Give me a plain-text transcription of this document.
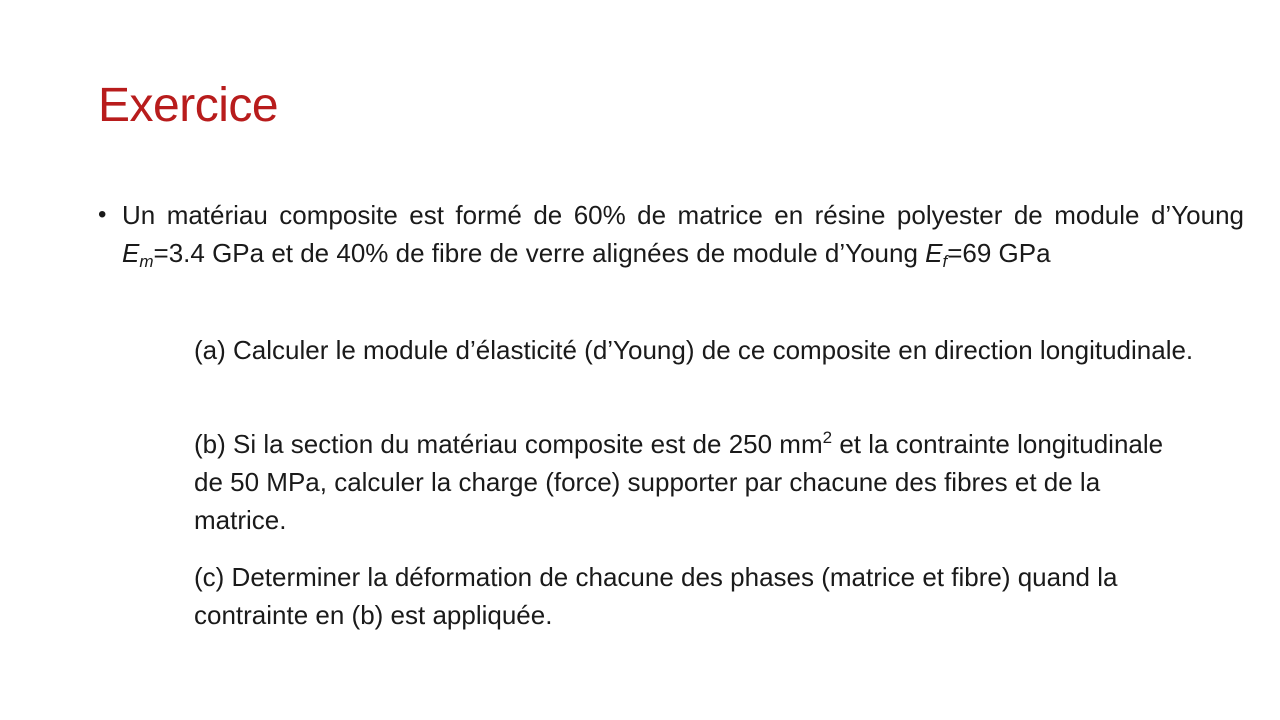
Exercice
• Un matériau composite est formé de 60% de matrice en résine polyester de module d’Young $E_m=3.4$ GPa et de 40% de fibre de verre alignées de module d’Young $E_f=69$ GPa

(a) Calculer le module d’élasticité (d’Young) de ce composite en direction longitudinale.

(b) Si la section du matériau composite est de 250 $mm^2$ et la contrainte longitudinale de 50 MPa, calculer la charge (force) supporter par chacune des fibres et de la matrice.

(c) Determiner la déformation de chacune des phases (matrice et fibre) quand la contrainte en (b) est appliquée.
